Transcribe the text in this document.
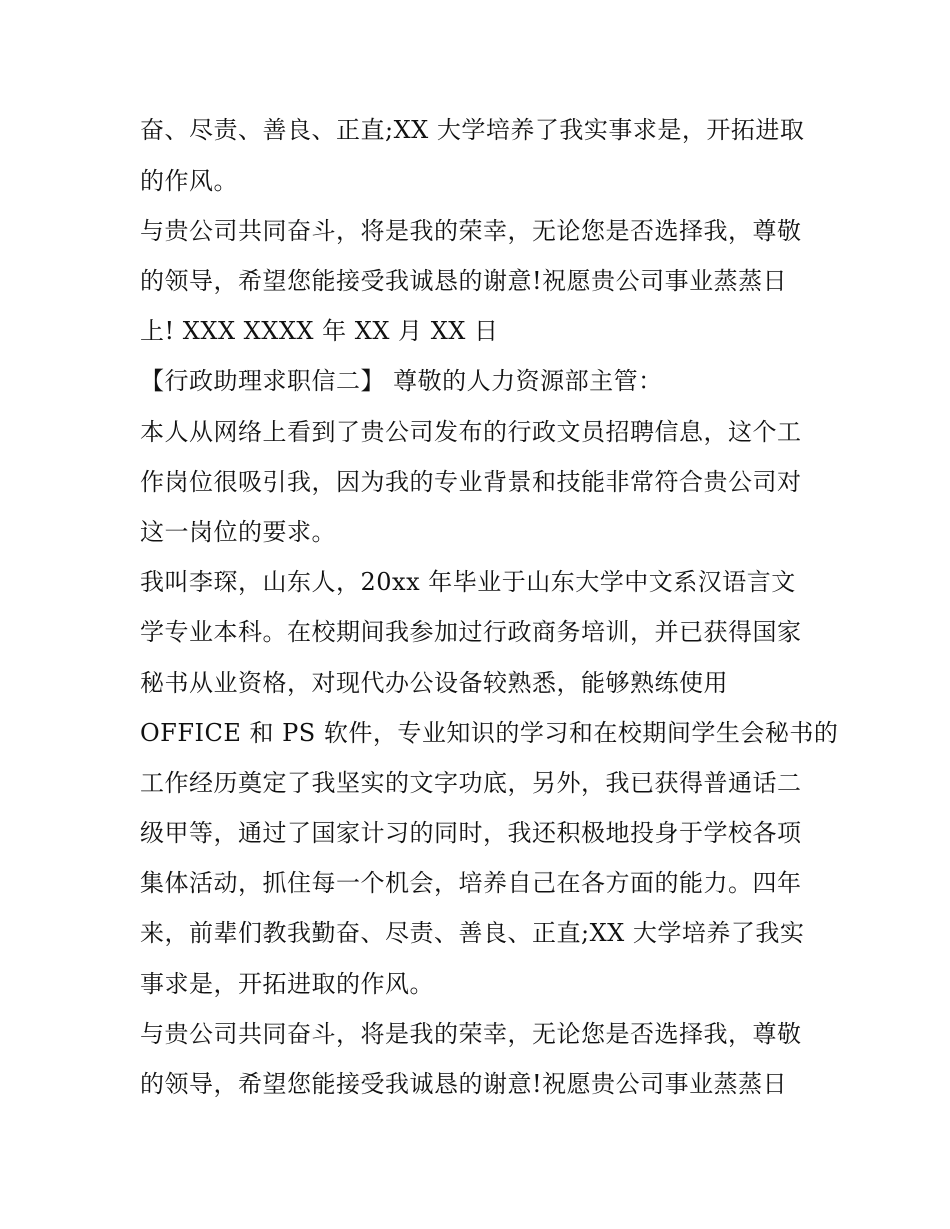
奋、尽责、善良、正直;XX 大学培养了我实事求是，开拓进取
的作风。
与贵公司共同奋斗，将是我的荣幸，无论您是否选择我，尊敬
的领导，希望您能接受我诚恳的谢意!祝愿贵公司事业蒸蒸日
上! XXX XXXX 年 XX 月 XX 日
【行政助理求职信二】 尊敬的人力资源部主管：
本人从网络上看到了贵公司发布的行政文员招聘信息，这个工
作岗位很吸引我，因为我的专业背景和技能非常符合贵公司对
这一岗位的要求。
我叫李琛，山东人，20xx 年毕业于山东大学中文系汉语言文
学专业本科。在校期间我参加过行政商务培训，并已获得国家
秘书从业资格，对现代办公设备较熟悉，能够熟练使用
OFFICE 和 PS 软件，专业知识的学习和在校期间学生会秘书的
工作经历奠定了我坚实的文字功底，另外，我已获得普通话二
级甲等，通过了国家计习的同时，我还积极地投身于学校各项
集体活动，抓住每一个机会，培养自己在各方面的能力。四年
来，前辈们教我勤奋、尽责、善良、正直;XX 大学培养了我实
事求是，开拓进取的作风。
与贵公司共同奋斗，将是我的荣幸，无论您是否选择我，尊敬
的领导，希望您能接受我诚恳的谢意!祝愿贵公司事业蒸蒸日
